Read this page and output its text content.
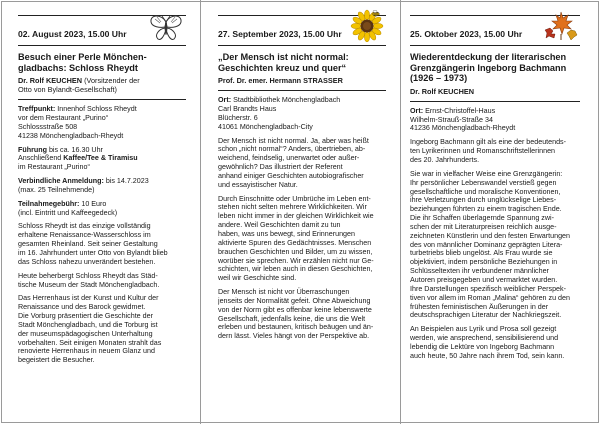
02. August 2023, 15.00 Uhr
Besuch einer Perle Mönchen-
gladbachs: Schloss Rheydt
Dr. Rolf KEUCHEN (Vorsitzender der
Otto von Bylandt-Gesellschaft)

Treffpunkt: Innenhof Schloss Rheydt
vor dem Restaurant „Purino“
Schlossstraße 508
41238 Mönchengladbach-Rheydt

Führung bis ca. 16.30 Uhr
Anschließend Kaffee/Tee & Tiramisu
im Restaurant „Purino“

Verbindliche Anmeldung: bis 14.7.2023
(max. 25 Teilnehmende)

Teilnahmegebühr: 10 Euro
(incl. Eintritt und Kaffeegedeck)

Schloss Rheydt ist das einzige vollständig
erhaltene Renaissance-Wasserschloss im
gesamten Rheinland. Seit seiner Gestaltung
im 16. Jahrhundert unter Otto von Bylandt blieb
das Schloss nahezu unverändert bestehen.

Heute beherbergt Schloss Rheydt das Städ-
tische Museum der Stadt Mönchengladbach.

Das Herrenhaus ist der Kunst und Kultur der
Renaissance und des Barock gewidmet.
Die Vorburg präsentiert die Geschichte der
Stadt Mönchengladbach, und die Torburg ist
der museumspädagogischen Unterhaltung
vorbehalten. Seit einigen Monaten strahlt das
renovierte Herrenhaus in neuem Glanz und
begeistert die Besucher.

27. September 2023, 15.00 Uhr
„Der Mensch ist nicht normal:
Geschichten kreuz und quer“
Prof. Dr. emer. Hermann STRASSER

Ort: Stadtbibliothek Mönchengladbach
Carl Brandts Haus
Blücherstr. 6
41061 Mönchengladbach-City

Der Mensch ist nicht normal. Ja, aber was heißt
schon „nicht normal“? Anders, übertrieben, ab-
weichend, feindselig, unerwartet oder außer-
gewöhnlich? Das illustriert der Referent
anhand einiger Geschichten autobiografischer
und essayistischer Natur.

Durch Einschnitte oder Umbrüche im Leben ent-
stehen nicht selten mehrere Wirklichkeiten. Wir
leben nicht immer in der gleichen Wirklichkeit wie
andere. Weil Geschichten damit zu tun
haben, was uns bewegt, sind Erinnerungen
aktivierte Spuren des Gedächtnisses. Menschen
brauchen Geschichten und Bilder, um zu wissen,
worüber sie sprechen. Wir erzählen nicht nur Ge-
schichten, wir leben auch in diesen Geschichten,
weil wir Geschichte sind.

Der Mensch ist nicht vor Überraschungen
jenseits der Normalität gefeit. Ohne Abweichung
von der Norm gibt es offenbar keine lebenswerte
Gesellschaft, jedenfalls keine, die uns die Welt
erleben und bestaunen, kritisch beäugen und än-
dern lässt. Vieles hängt von der Perspektive ab.

25. Oktober 2023, 15.00 Uhr
Wiederentdeckung der literarischen
Grenzgängerin Ingeborg Bachmann
(1926 – 1973)
Dr. Rolf KEUCHEN

Ort: Ernst-Christoffel-Haus
Wilhelm-Strauß-Straße 34
41236 Mönchengladbach-Rheydt

Ingeborg Bachmann gilt als eine der bedeutends-
ten Lyrikerinnen und Romanschriftstellerinnen
des 20. Jahrhunderts.

Sie war in vielfacher Weise eine Grenzgängerin:
Ihr persönlicher Lebenswandel verstieß gegen
gesellschaftliche und moralische Konventionen,
ihre Verletzungen durch unglückselige Liebes-
beziehungen führten zu einem tragischen Ende.
Die ihr Schaffen überlagernde Spannung zwi-
schen der mit Literaturpreisen reichlich ausge-
zeichneten Künstlerin und den festen Erwartungen
des von männlicher Dominanz geprägten Litera-
turbetriebs blieb ungelöst. Als Frau wurde sie
objektiviert, indem persönliche Beziehungen in
Schlüsseltexten ihr verbundener männlicher
Autoren preisgegeben und vermarktet wurden.
Ihre Darstellungen spezifisch weiblicher Perspek-
tiven vor allem im Roman „Malina“ gehören zu den
frühesten feministischen Äußerungen in der
deutschsprachigen Literatur der Nachkriegszeit.

An Beispielen aus Lyrik und Prosa soll gezeigt
werden, wie ansprechend, sensibilisierend und
lebendig die Lektüre von Ingeborg Bachmann
auch heute, 50 Jahre nach ihrem Tod, sein kann.
